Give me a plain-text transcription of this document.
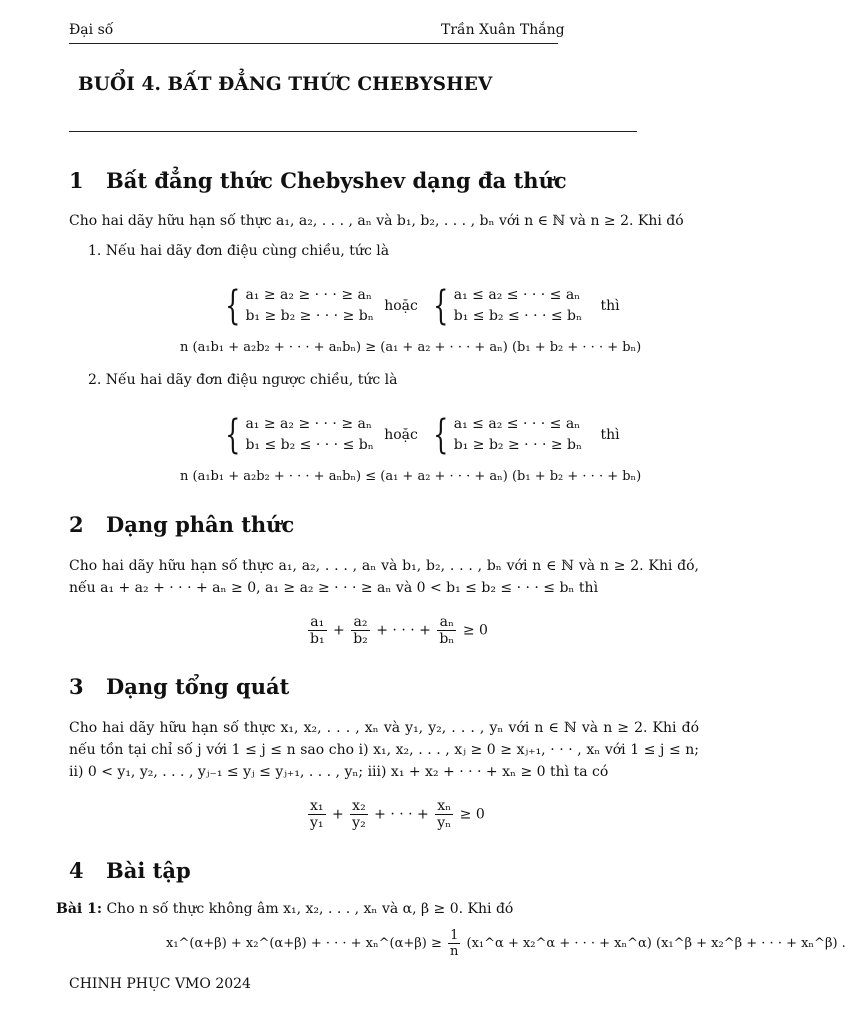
Đại số	Trần Xuân Thắng
BUỔI 4. BẤT ĐẲNG THỨC CHEBYSHEV
1 Bất đẳng thức Chebyshev dạng đa thức
Cho hai dãy hữu hạn số thực a₁, a₂, . . . , aₙ và b₁, b₂, . . . , bₙ với n ∈ ℕ và n ≥ 2. Khi đó
1. Nếu hai dãy đơn điệu cùng chiều, tức là
{ a₁ ≥ a₂ ≥ · · · ≥ aₙ
b₁ ≥ b₂ ≥ · · · ≥ bₙ hoặc { a₁ ≤ a₂ ≤ · · · ≤ aₙ
b₁ ≤ b₂ ≤ · · · ≤ bₙ thì
n (a₁b₁ + a₂b₂ + · · · + aₙbₙ) ≥ (a₁ + a₂ + · · · + aₙ) (b₁ + b₂ + · · · + bₙ)
2. Nếu hai dãy đơn điệu ngược chiều, tức là
{ a₁ ≥ a₂ ≥ · · · ≥ aₙ
b₁ ≤ b₂ ≤ · · · ≤ bₙ hoặc { a₁ ≤ a₂ ≤ · · · ≤ aₙ
b₁ ≥ b₂ ≥ · · · ≥ bₙ thì
n (a₁b₁ + a₂b₂ + · · · + aₙbₙ) ≤ (a₁ + a₂ + · · · + aₙ) (b₁ + b₂ + · · · + bₙ)
2 Dạng phân thức
Cho hai dãy hữu hạn số thực a₁, a₂, . . . , aₙ và b₁, b₂, . . . , bₙ với n ∈ ℕ và n ≥ 2. Khi đó, nếu a₁ + a₂ + · · · + aₙ ≥ 0, a₁ ≥ a₂ ≥ · · · ≥ aₙ và 0 < b₁ ≤ b₂ ≤ · · · ≤ bₙ thì
$\frac{\text{a₁}}{\text{b₁}} + \frac{\text{a₂}}{\text{b₂}}$ + · · · + $\frac{\text{aₙ}}{\text{bₙ}} \ge 0$
3 Dạng tổng quát
Cho hai dãy hữu hạn số thực x₁, x₂, . . . , xₙ và y₁, y₂, . . . , yₙ với n ∈ ℕ và n ≥ 2. Khi đó nếu tồn tại chỉ số j với 1 ≤ j ≤ n sao cho i) x₁, x₂, . . . , xⱼ ≥ 0 ≥ xⱼ₊₁, · · · , xₙ với 1 ≤ j ≤ n; ii) 0 < y₁, y₂, . . . , yⱼ₋₁ ≤ yⱼ ≤ yⱼ₊₁, . . . , yₙ; iii) x₁ + x₂ + · · · + xₙ ≥ 0 thì ta có
$\frac{\text{x₁}}{\text{y₁}} + \frac{\text{x₂}}{\text{y₂}}$ + · · · + $\frac{\text{xₙ}}{\text{yₙ}} \ge 0$
4 Bài tập
Bài 1: Cho n số thực không âm x₁, x₂, . . . , xₙ và α, β ≥ 0. Khi đó
x₁^(α+β) + x₂^(α+β) + · · · + xₙ^(α+β) ≥ $\frac{1}{n}$ (x₁^α + x₂^α + · · · + xₙ^α) (x₁^β + x₂^β + · · · + xₙ^β) .
CHINH PHỤC VMO 2024
